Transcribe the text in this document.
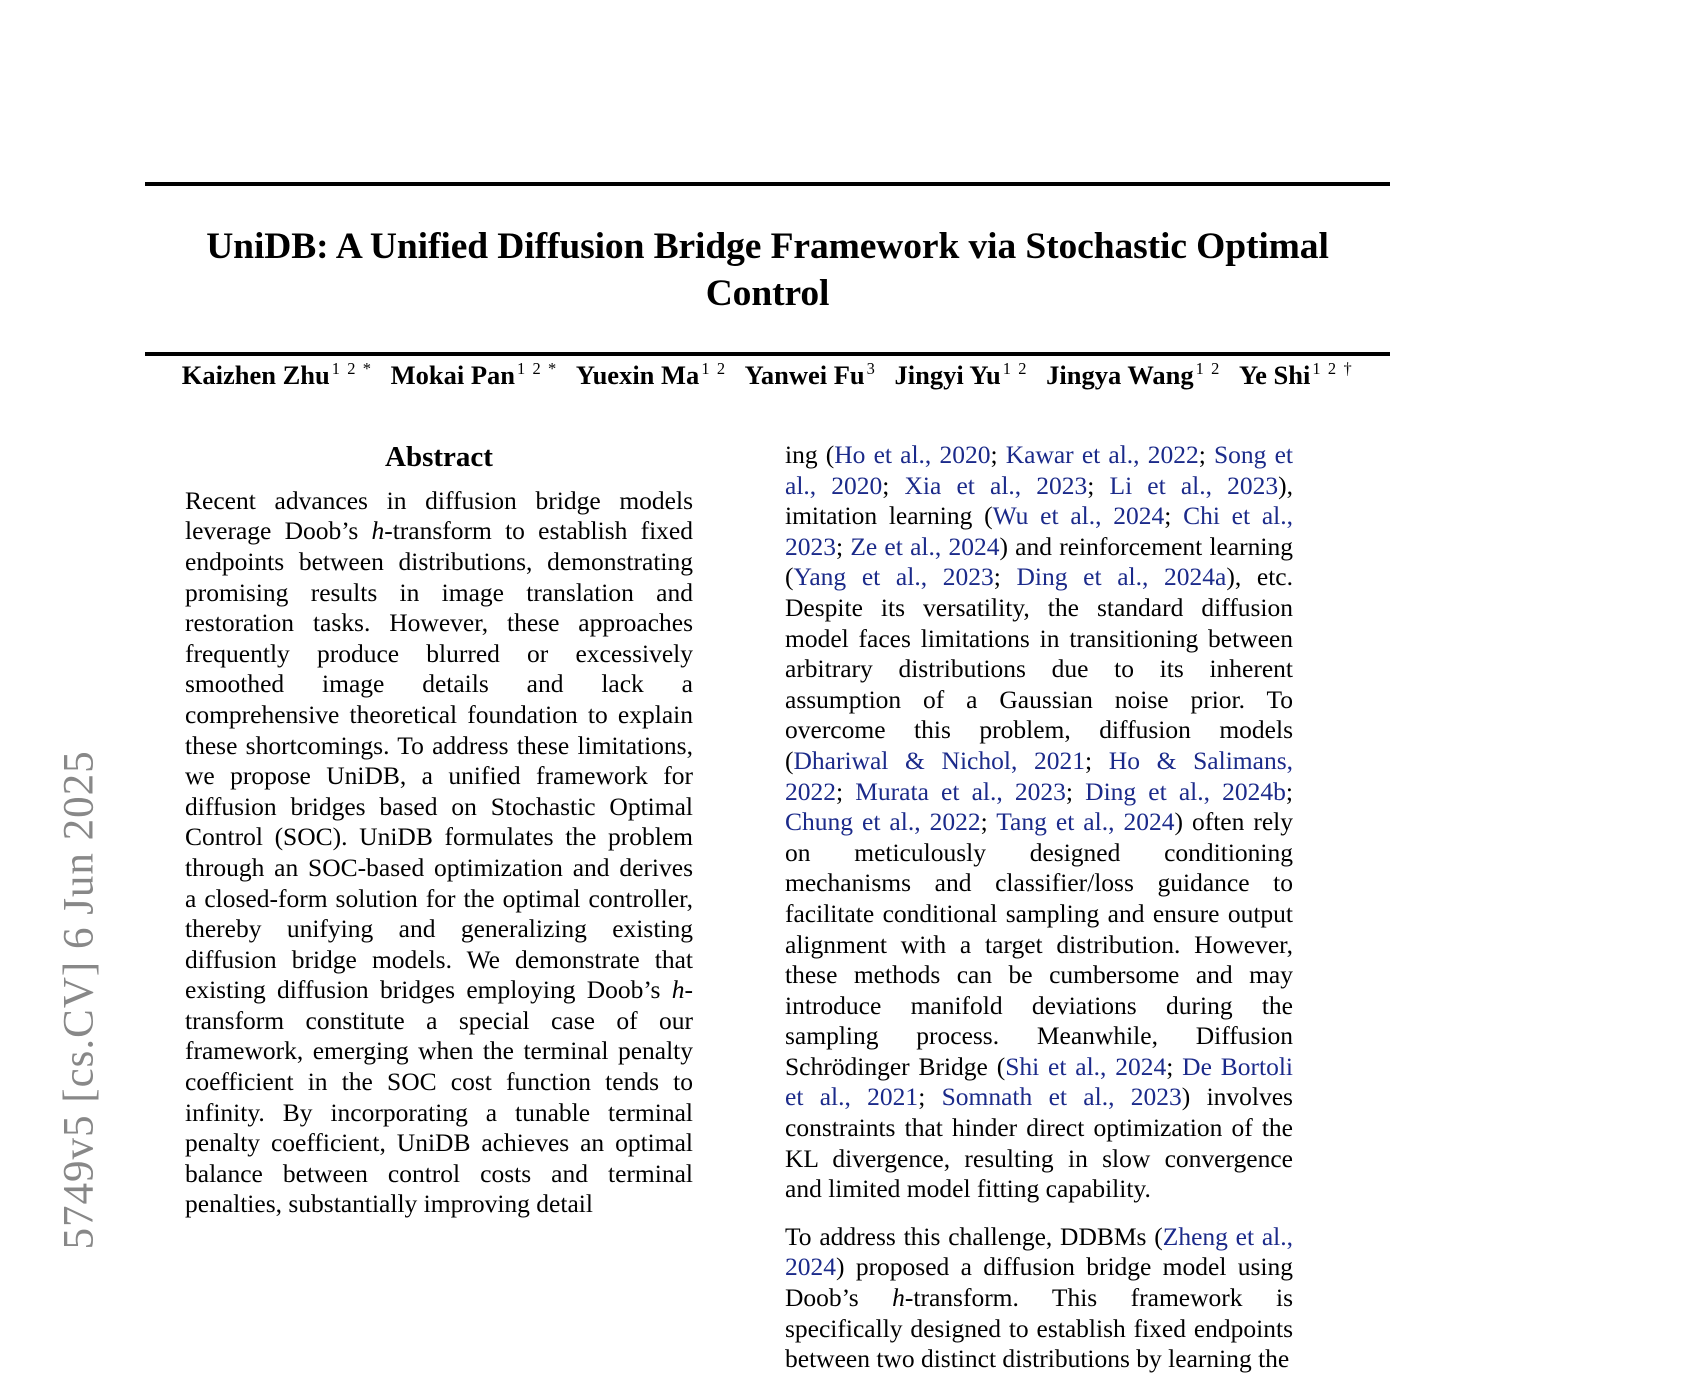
5749v5 [cs.CV] 6 Jun 2025
UniDB: A Unified Diffusion Bridge Framework via Stochastic Optimal Control
Kaizhen Zhu $^{1 2 *}$ Mokai Pan $^{1 2 *}$ Yuexin Ma $^{1 2}$ Yanwei Fu $^3$ Jingyi Yu $^{1 2}$ Jingya Wang $^{1 2}$ Ye Shi $^{1 2 \dagger}$
Abstract

Recent advances in diffusion bridge models leverage Doob’s h-transform to establish fixed endpoints between distributions, demonstrating promising results in image translation and restoration tasks. However, these approaches frequently produce blurred or excessively smoothed image details and lack a comprehensive theoretical foundation to explain these shortcomings. To address these limitations, we propose UniDB, a unified framework for diffusion bridges based on Stochastic Optimal Control (SOC). UniDB formulates the problem through an SOC-based optimization and derives a closed-form solution for the optimal controller, thereby unifying and generalizing existing diffusion bridge models. We demonstrate that existing diffusion bridges employing Doob’s h-transform constitute a special case of our framework, emerging when the terminal penalty coefficient in the SOC cost function tends to infinity. By incorporating a tunable terminal penalty coefficient, UniDB achieves an optimal balance between control costs and terminal penalties, substantially improving detail

ing (Ho et al., 2020; Kawar et al., 2022; Song et al., 2020; Xia et al., 2023; Li et al., 2023), imitation learning (Wu et al., 2024; Chi et al., 2023; Ze et al., 2024) and reinforcement learning (Yang et al., 2023; Ding et al., 2024a), etc. Despite its versatility, the standard diffusion model faces limitations in transitioning between arbitrary distributions due to its inherent assumption of a Gaussian noise prior. To overcome this problem, diffusion models (Dhariwal & Nichol, 2021; Ho & Salimans, 2022; Murata et al., 2023; Ding et al., 2024b; Chung et al., 2022; Tang et al., 2024) often rely on meticulously designed conditioning mechanisms and classifier/loss guidance to facilitate conditional sampling and ensure output alignment with a target distribution. However, these methods can be cumbersome and may introduce manifold deviations during the sampling process. Meanwhile, Diffusion Schrödinger Bridge (Shi et al., 2024; De Bortoli et al., 2021; Somnath et al., 2023) involves constraints that hinder direct optimization of the KL divergence, resulting in slow convergence and limited model fitting capability.

To address this challenge, DDBMs (Zheng et al., 2024) proposed a diffusion bridge model using Doob’s h-transform. This framework is specifically designed to establish fixed endpoints between two distinct distributions by learning the
